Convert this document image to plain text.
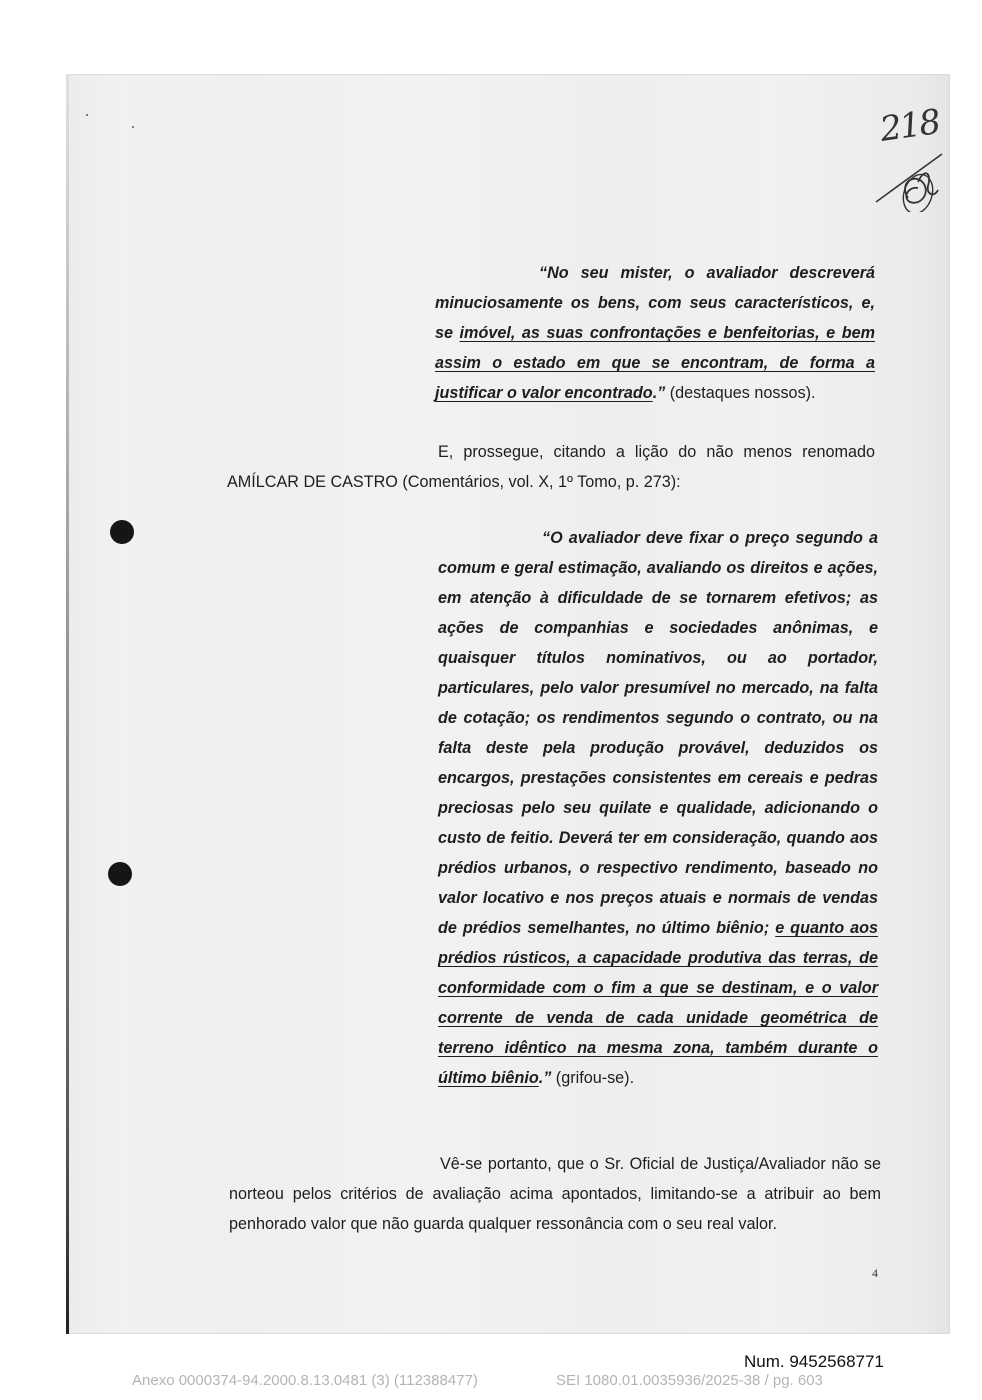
218

“No seu mister, o avaliador descreverá minuciosamente os bens, com seus característicos, e, se imóvel, as suas confrontações e benfeitorias, e bem assim o estado em que se encontram, de forma a justificar o valor encontrado.” (destaques nossos).

E, prossegue, citando a lição do não menos renomado AMÍLCAR DE CASTRO (Comentários, vol. X, 1º Tomo, p. 273):

“O avaliador deve fixar o preço segundo a comum e geral estimação, avaliando os direitos e ações, em atenção à dificuldade de se tornarem efetivos; as ações de companhias e sociedades anônimas, e quaisquer títulos nominativos, ou ao portador, particulares, pelo valor presumível no mercado, na falta de cotação; os rendimentos segundo o contrato, ou na falta deste pela produção provável, deduzidos os encargos, prestações consistentes em cereais e pedras preciosas pelo seu quilate e qualidade, adicionando o custo de feitio. Deverá ter em consideração, quando aos prédios urbanos, o respectivo rendimento, baseado no valor locativo e nos preços atuais e normais de vendas de prédios semelhantes, no último biênio; e quanto aos prédios rústicos, a capacidade produtiva das terras, de conformidade com o fim a que se destinam, e o valor corrente de venda de cada unidade geométrica de terreno idêntico na mesma zona, também durante o último biênio.” (grifou-se).

Vê-se portanto, que o Sr. Oficial de Justiça/Avaliador não se norteou pelos critérios de avaliação acima apontados, limitando-se a atribuir ao bem penhorado valor que não guarda qualquer ressonância com o seu real valor.

4
Num. 9452568771
Anexo 0000374-94.2000.8.13.0481 (3) (112388477)	SEI 1080.01.0035936/2025-38 / pg. 603
